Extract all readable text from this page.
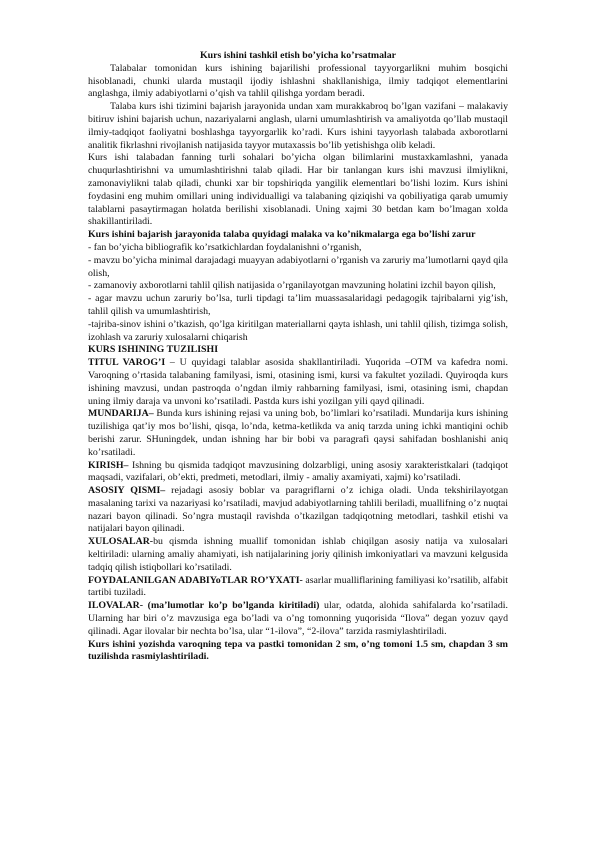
Kurs ishini tashkil etish bo’yicha ko’rsatmalar

Talabalar tomonidan kurs ishining bajarilishi professional tayyorgarlikni muhim bosqichi hisoblanadi, chunki ularda mustaqil ijodiy ishlashni shakllanishiga, ilmiy tadqiqot elementlarini anglashga, ilmiy adabiyotlarni o’qish va tahlil qilishga yordam beradi.

Talaba kurs ishi tizimini bajarish jarayonida undan xam murakkabroq bo’lgan vazifani – malakaviy bitiruv ishini bajarish uchun, nazariyalarni anglash, ularni umumlashtirish va amaliyotda qo’llab mustaqil ilmiy-tadqiqot faoliyatni boshlashga tayyorgarlik ko’radi. Kurs ishini tayyorlash talabada axborotlarni analitik fikrlashni rivojlanish natijasida tayyor mutaxassis bo’lib yetishishga olib keladi.

Kurs ishi talabadan fanning turli sohalari bo’yicha olgan bilimlarini mustaxkamlashni, yanada chuqurlashtirishni va umumlashtirishni talab qiladi. Har bir tanlangan kurs ishi mavzusi ilmiylikni, zamonaviylikni talab qiladi, chunki xar bir topshiriqda yangilik elementlari bo’lishi lozim. Kurs ishini foydasini eng muhim omillari uning individualligi va talabaning qiziqishi va qobiliyatiga qarab umumiy talablarni pasaytirmagan holatda berilishi xisoblanadi. Uning xajmi 30 betdan kam bo’lmagan xolda shakillantiriladi.

Kurs ishini bajarish jarayonida talaba quyidagi malaka va ko’nikmalarga ega bo’lishi zarur

- fan bo’yicha bibliografik ko’rsatkichlardan foydalanishni o’rganish,

- mavzu bo’yicha minimal darajadagi muayyan adabiyotlarni o’rganish va zaruriy ma’lumotlarni qayd qila olish,

- zamanoviy axborotlarni tahlil qilish natijasida o’rganilayotgan mavzuning holatini izchil bayon qilish,

- agar mavzu uchun zaruriy bo’lsa, turli tipdagi ta’lim muassasalaridagi pedagogik tajribalarni yig’ish, tahlil qilish va umumlashtirish,

-tajriba-sinov ishini o’tkazish, qo’lga kiritilgan materiallarni qayta ishlash, uni tahlil qilish, tizimga solish, izohlash va zaruriy xulosalarni chiqarish

KURS ISHINING TUZILISHI

TITUL VAROG’I – U quyidagi talablar asosida shakllantiriladi. Yuqorida –OTM va kafedra nomi. Varoqning o’rtasida talabaning familyasi, ismi, otasining ismi, kursi va fakultet yoziladi. Quyiroqda kurs ishining mavzusi, undan pastroqda o’ngdan ilmiy rahbarning familyasi, ismi, otasining ismi, chapdan uning ilmiy daraja va unvoni ko’rsatiladi. Pastda kurs ishi yozilgan yili qayd qilinadi.

MUNDARIJA– Bunda kurs ishining rejasi va uning bob, bo’limlari ko’rsatiladi. Mundarija kurs ishining tuzilishiga qat’iy mos bo’lishi, qisqa, lo’nda, ketma-ketlikda va aniq tarzda uning ichki mantiqini ochib berishi zarur. SHuningdek, undan ishning har bir bobi va paragrafi qaysi sahifadan boshlanishi aniq ko’rsatiladi.

KIRISH– Ishning bu qismida tadqiqot mavzusining dolzarbligi, uning asosiy xarakteristkalari (tadqiqot maqsadi, vazifalari, ob’ekti, predmeti, metodlari, ilmiy - amaliy axamiyati, xajmi) ko’rsatiladi.

ASOSIY QISMI– rejadagi asosiy boblar va paragriflarni o’z ichiga oladi. Unda tekshirilayotgan masalaning tarixi va nazariyasi ko’rsatiladi, mavjud adabiyotlarning tahlili beriladi, muallifning o’z nuqtai nazari bayon qilinadi. So’ngra mustaqil ravishda o’tkazilgan tadqiqotning metodlari, tashkil etishi va natijalari bayon qilinadi.

XULOSALAR-bu qismda ishning muallif tomonidan ishlab chiqilgan asosiy natija va xulosalari keltiriladi: ularning amaliy ahamiyati, ish natijalarining joriy qilinish imkoniyatlari va mavzuni kelgusida tadqiq qilish istiqbollari ko’rsatiladi.

FOYDALANILGAN ADABIYoTLAR RO’YXATI- asarlar mualliflarining familiyasi ko’rsatilib, alfabit tartibi tuziladi.

ILOVALAR- (ma’lumotlar ko’p bo’lganda kiritiladi) ular, odatda, alohida sahifalarda ko’rsatiladi. Ularning har biri o’z mavzusiga ega bo’ladi va o’ng tomonning yuqorisida “Ilova” degan yozuv qayd qilinadi. Agar ilovalar bir nechta bo’lsa, ular “1-ilova”, “2-ilova” tarzida rasmiylashtiriladi.

Kurs ishini yozishda varoqning tepa va pastki tomonidan 2 sm, o’ng tomoni 1.5 sm, chapdan 3 sm tuzilishda rasmiylashtiriladi.
